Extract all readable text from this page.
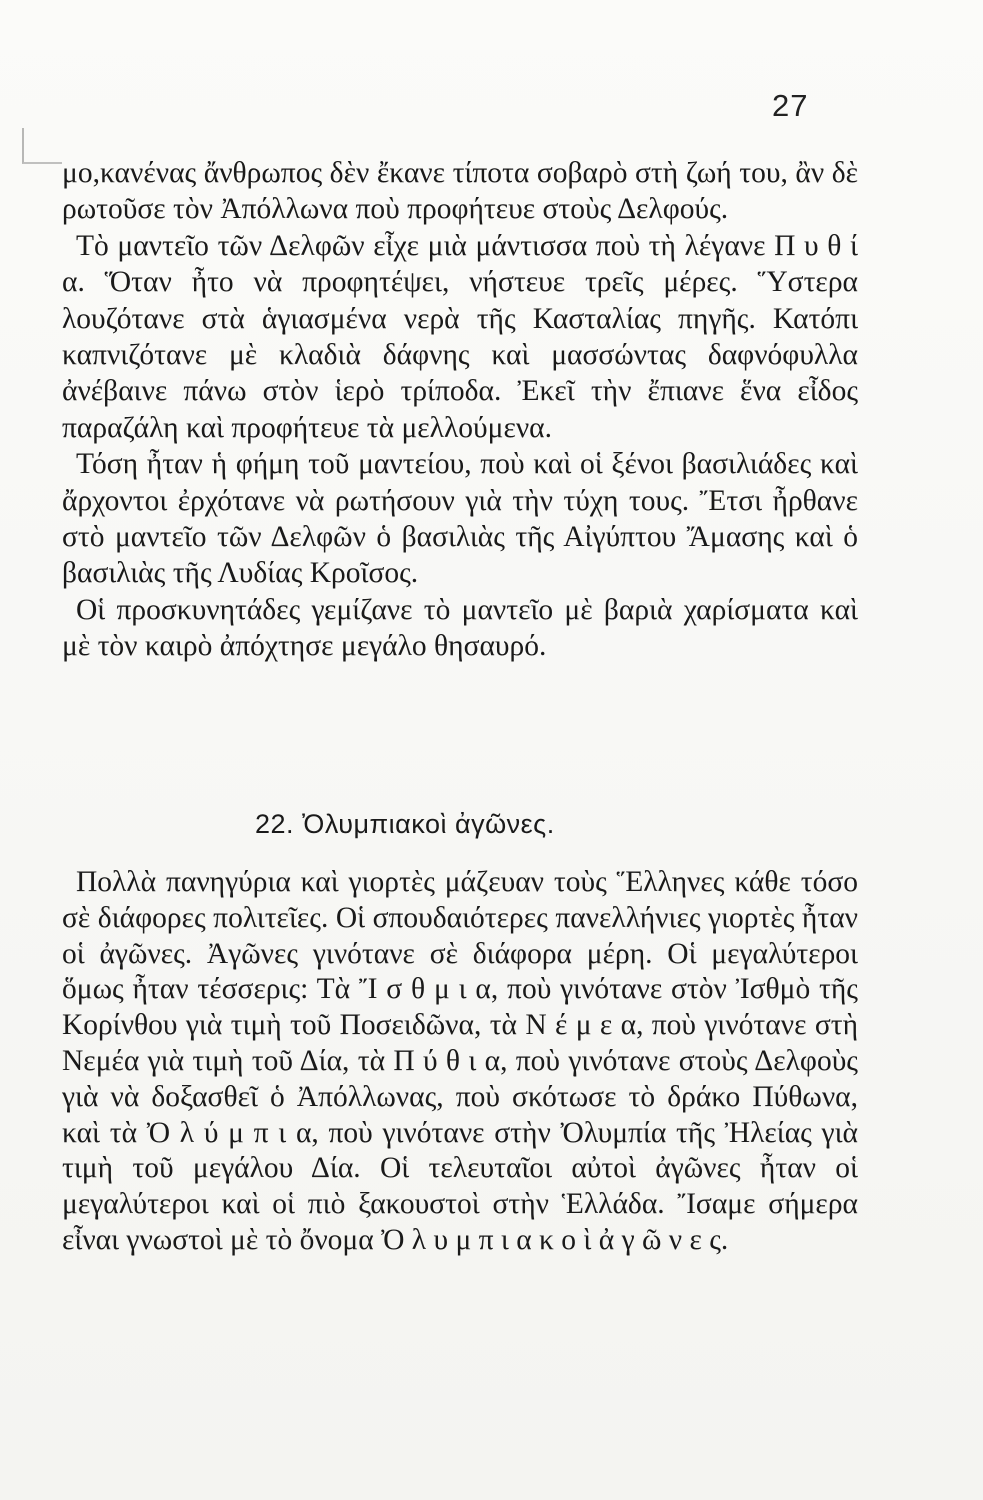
27

μο,κανένας ἄνθρωπος δὲν ἔκανε τίποτα σοβαρὸ στὴ ζωή του, ἂν δὲ ρωτοῦσε τὸν Ἀπόλλωνα ποὺ προφήτευε στοὺς Δελφούς.

Τὸ μαντεῖο τῶν Δελφῶν εἶχε μιὰ μάντισσα ποὺ τὴ λέγανε Π υ θ ί α. Ὅταν ἦτο νὰ προφητέψει, νήστευε τρεῖς μέρες. Ὕστερα λουζότανε στὰ ἁγιασμένα νερὰ τῆς Κασταλίας πηγῆς. Κατόπι καπνιζότανε μὲ κλαδιὰ δάφνης καὶ μασσώντας δαφνόφυλλα ἀνέβαινε πάνω στὸν ἱερὸ τρίποδα. Ἐκεῖ τὴν ἔπιανε ἕνα εἶδος παραζάλη καὶ προφήτευε τὰ μελλούμενα.

Τόση ἦταν ἡ φήμη τοῦ μαντείου, ποὺ καὶ οἱ ξένοι βασιλιάδες καὶ ἄρχοντοι ἐρχότανε νὰ ρωτήσουν γιὰ τὴν τύχη τους. Ἔτσι ἦρθανε στὸ μαντεῖο τῶν Δελφῶν ὁ βασιλιὰς τῆς Αἰγύπτου Ἄμασης καὶ ὁ βασιλιὰς τῆς Λυδίας Κροῖσος.

Οἱ προσκυνητάδες γεμίζανε τὸ μαντεῖο μὲ βαριὰ χαρίσματα καὶ μὲ τὸν καιρὸ ἀπόχτησε μεγάλο θησαυρό.

22. Ὀλυμπιακοὶ ἀγῶνες.

Πολλὰ πανηγύρια καὶ γιορτὲς μάζευαν τοὺς Ἕλληνες κάθε τόσο σὲ διάφορες πολιτεῖες. Οἱ σπουδαιότερες πανελλήνιες γιορτὲς ἦταν οἱ ἀγῶνες. Ἀγῶνες γινότανε σὲ διάφορα μέρη. Οἱ μεγαλύτεροι ὅμως ἦταν τέσσερις: Τὰ Ἴ σ θ μ ι α, ποὺ γινότανε στὸν Ἰσθμὸ τῆς Κορίνθου γιὰ τιμὴ τοῦ Ποσειδῶνα, τὰ Ν έ μ ε α, ποὺ γινότανε στὴ Νεμέα γιὰ τιμὴ τοῦ Δία, τὰ Π ύ θ ι α, ποὺ γινότανε στοὺς Δελφοὺς γιὰ νὰ δοξασθεῖ ὁ Ἀπόλλωνας, ποὺ σκότωσε τὸ δράκο Πύθωνα, καὶ τὰ Ὀ λ ύ μ π ι α, ποὺ γινότανε στὴν Ὀλυμπία τῆς Ἠλείας γιὰ τιμὴ τοῦ μεγάλου Δία. Οἱ τελευταῖοι αὐτοὶ ἀγῶνες ἦταν οἱ μεγαλύτεροι καὶ οἱ πιὸ ξακουστοὶ στὴν Ἑλλάδα. Ἴσαμε σήμερα εἶναι γνωστοὶ μὲ τὸ ὄνομα Ὀ λ υ μ π ι α κ ο ὶ ἀ γ ῶ ν ε ς.
